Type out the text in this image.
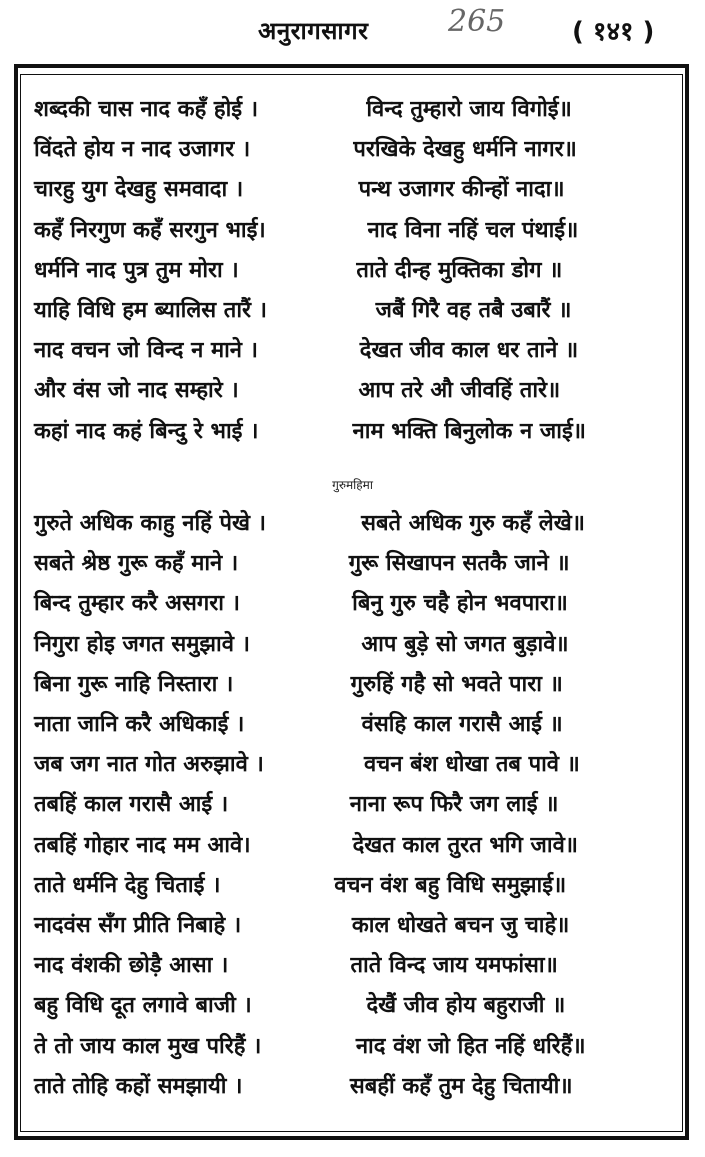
अनुरागसागर	265	( १४१ )
शब्दकी चास नाद कहँ होई ।	विन्द तुम्हारो जाय विगोई॥
विंदते होय न नाद उजागर ।	परखिके देखहु धर्मनि नागर॥
चारहु युग देखहु समवादा ।	पन्थ उजागर कीन्हों नादा॥
कहँ निरगुण कहँ सरगुन भाई।	नाद विना नहिं चल पंथाई॥
धर्मनि नाद पुत्र तुम मोरा ।	ताते दीन्ह मुक्तिका डोग ॥
याहि विधि हम ब्यालिस तारैं ।	जबैं गिरै वह तबै उबारैं ॥
नाद वचन जो विन्द न माने ।	देखत जीव काल धर ताने ॥
और वंस जो नाद सम्हारे ।	आप तरे औ जीवहिं तारे॥
कहां नाद कहं बिन्दु रे भाई ।	नाम भक्ति बिनुलोक न जाई॥
गुरुमहिमा
गुरुते अधिक काहु नहिं पेखे ।	सबते अधिक गुरु कहँ लेखे॥
सबते श्रेष्ठ गुरू कहँ माने ।	गुरू सिखापन सतकै जाने ॥
बिन्द तुम्हार करै असगरा ।	बिनु गुरु चहै होन भवपारा॥
निगुरा होइ जगत समुझावे ।	आप बुड़े सो जगत बुड़ावे॥
बिना गुरू नाहि निस्तारा ।	गुरुहिं गहै सो भवते पारा ॥
नाता जानि करै अधिकाई ।	वंसहि काल गरासै आई ॥
जब जग नात गोत अरुझावे ।	वचन बंश धोखा तब पावे ॥
तबहिं काल गरासै आई ।	नाना रूप फिरै जग लाई ॥
तबहिं गोहार नाद मम आवे।	देखत काल तुरत भगि जावे॥
ताते धर्मनि देहु चिताई ।	वचन वंश बहु विधि समुझाई॥
नादवंस सँग प्रीति निबाहे ।	काल धोखते बचन जु चाहे॥
नाद वंशकी छोड़ै आसा ।	ताते विन्द जाय यमफांसा॥
बहु विधि दूत लगावे बाजी ।	देखैं जीव होय बहुराजी ॥
ते तो जाय काल मुख परिहैं ।	नाद वंश जो हित नहिं धरिहैं॥
ताते तोहि कहों समझायी ।	सबहीं कहँ तुम देहु चितायी॥
